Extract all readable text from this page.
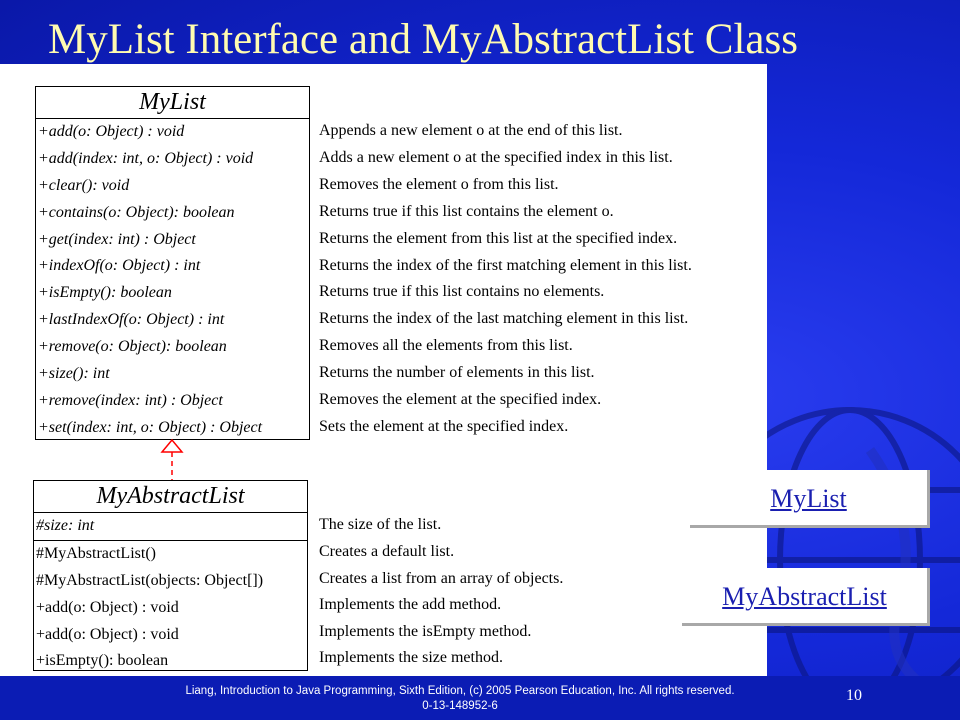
MyList Interface and MyAbstractList Class
MyList
+add(o: Object) : void
+add(index: int, o: Object) : void
+clear(): void
+contains(o: Object): boolean
+get(index: int) : Object
+indexOf(o: Object) : int
+isEmpty(): boolean
+lastIndexOf(o: Object) : int
+remove(o: Object): boolean
+size(): int
+remove(index: int) : Object
+set(index: int, o: Object) : Object
Appends a new element o at the end of this list.
Adds a new element o at the specified index in this list.
Removes the element o from this list.
Returns true if this list contains the element o.
Returns the element from this list at the specified index.
Returns the index of the first matching element in this list.
Returns true if this list contains no elements.
Returns the index of the last matching element in this list.
Removes all the elements from this list.
Returns the number of elements in this list.
Removes the element at the specified index.
Sets the element at the specified index.
MyAbstractList
#size: int
#MyAbstractList()
#MyAbstractList(objects: Object[])
+add(o: Object) : void
+add(o: Object) : void
+isEmpty(): boolean
The size of the list.
Creates a default list.
Creates a list from an array of objects.
Implements the add method.
Implements the isEmpty method.
Implements the size method.
MyList
MyAbstractList
Liang, Introduction to Java Programming, Sixth Edition, (c) 2005 Pearson Education, Inc. All rights reserved. 0-13-148952-6
10
